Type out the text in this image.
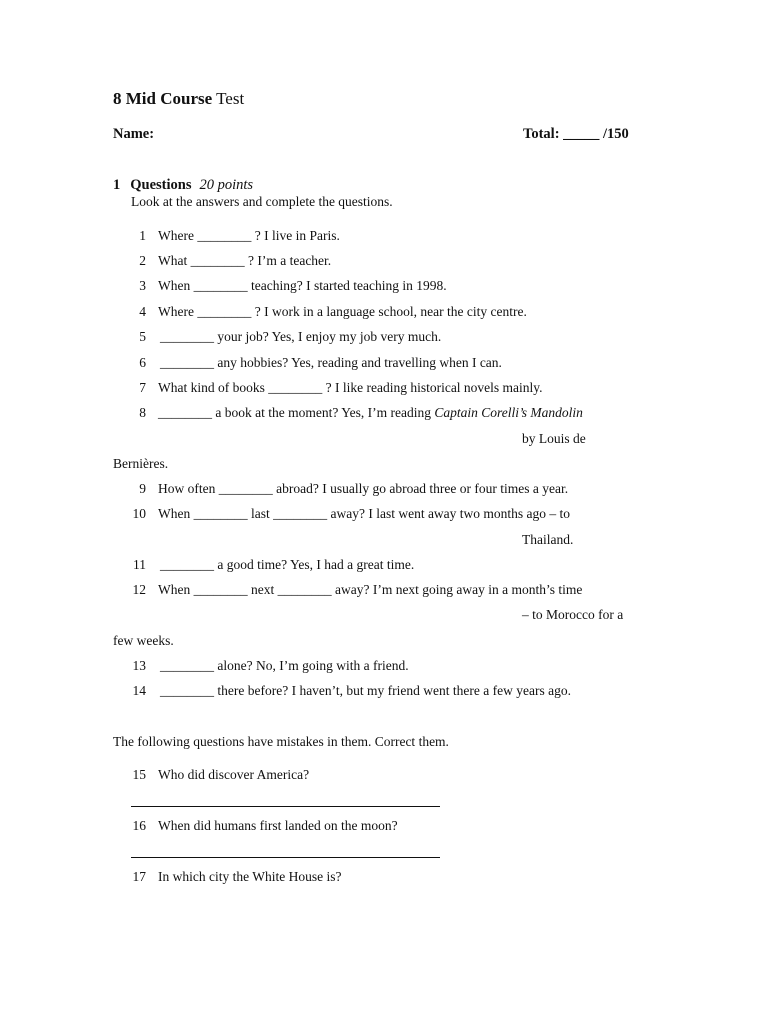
8 Mid Course Test
Name:	Total: _____ /150
1 Questions 20 points
Look at the answers and complete the questions.
1 Where ________ ? I live in Paris.
2 What ________ ? I’m a teacher.
3 When ________ teaching? I started teaching in 1998.
4 Where ________ ? I work in a language school, near the city centre.
5 ________ your job? Yes, I enjoy my job very much.
6 ________ any hobbies? Yes, reading and travelling when I can.
7 What kind of books ________ ? I like reading historical novels mainly.
8 ________ a book at the moment? Yes, I’m reading Captain Corelli’s Mandolin
by Louis de
Bernières.
9 How often ________ abroad? I usually go abroad three or four times a year.
10 When ________ last ________ away? I last went away two months ago – to
Thailand.
11 ________ a good time? Yes, I had a great time.
12 When ________ next ________ away? I’m next going away in a month’s time
– to Morocco for a
few weeks.
13 ________ alone? No, I’m going with a friend.
14 ________ there before? I haven’t, but my friend went there a few years ago.
The following questions have mistakes in them. Correct them.
15 Who did discover America?
16 When did humans first landed on the moon?
17 In which city the White House is?
